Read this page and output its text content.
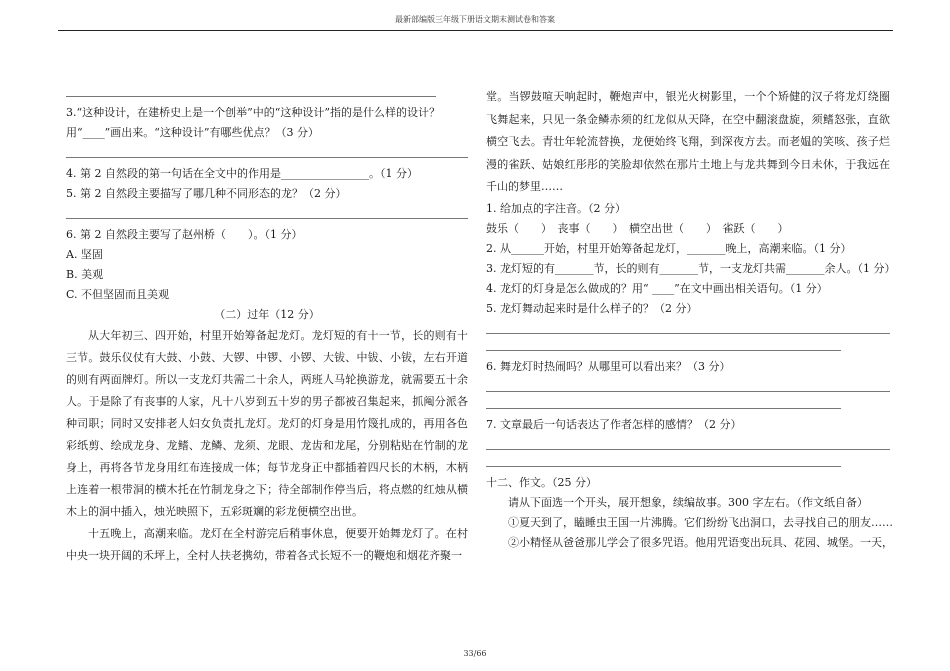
最新部编版三年级下册语文期末测试卷和答案
3.“这种设计，在建桥史上是一个创举”中的“这种设计”指的是什么样的设计？
用“____”画出来。“这种设计”有哪些优点？（3 分）
4. 第 2 自然段的第一句话在全文中的作用是________________。（1 分）
5. 第 2 自然段主要描写了哪几种不同形态的龙？（2 分）
6. 第 2 自然段主要写了赵州桥（　　）。（1 分）
A. 坚固
B. 美观
C. 不但坚固而且美观
（二）过年（12 分）

从大年初三、四开始，村里开始筹备起龙灯。龙灯短的有十一节，长的则有十三节。鼓乐仪仗有大鼓、小鼓、大锣、中锣、小锣、大钹、中钹、小钹，左右开道的则有两面牌灯。所以一支龙灯共需二十余人，两班人马轮换游龙，就需要五十余人。于是除了有丧事的人家，凡十八岁到五十岁的男子都被召集起来，抓阄分派各种司职；同时又安排老人妇女负责扎龙灯。龙灯的灯身是用竹篾扎成的，再用各色彩纸剪、绘成龙身、龙鳍、龙鳞、龙须、龙眼、龙齿和龙尾，分别粘贴在竹制的龙身上，再将各节龙身用红布连接成一体；每节龙身正中都插着四尺长的木柄，木柄上连着一根带洞的横木托在竹制龙身之下；待全部制作停当后，将点燃的红烛从横木上的洞中插入，烛光映照下，五彩斑斓的彩龙便横空出世。

十五晚上，高潮来临。龙灯在全村游完后稍事休息，便要开始舞龙灯了。在村中央一块开阔的禾坪上，全村人扶老携幼，带着各式长短不一的鞭炮和烟花齐聚一

堂。当锣鼓喧天响起时，鞭炮声中，银光火树影里，一个个矫健的汉子将龙灯绕圈飞舞起来，只见一条金鳞赤须的红龙似从天降，在空中翻滚盘旋，须鳍怒张，直欲横空飞去。青壮年轮流替换，龙便始终飞翔，到深夜方去。而老媪的笑咳、孩子烂漫的雀跃、姑娘红彤彤的笑脸却依然在那片土地上与龙共舞到今日未休，于我远在千山的梦里……

1. 给加点的字注音。（2 分）
鼓乐（　　）　丧事（　　）　横空出世（　　）　雀跃（　　）
2. 从______开始，村里开始筹备起龙灯，_______晚上，高潮来临。（1 分）
3. 龙灯短的有_______节，长的则有_______节，一支龙灯共需_______余人。（1 分）
4. 龙灯的灯身是怎么做成的？用“ ____”在文中画出相关语句。（1 分）
5. 龙灯舞动起来时是什么样子的？（2 分）
6. 舞龙灯时热闹吗？从哪里可以看出来？（3 分）
7. 文章最后一句话表达了作者怎样的感情？（2 分）
十二、作文。（25 分）
请从下面选一个开头，展开想象，续编故事。300 字左右。（作文纸自备）
①夏天到了，瞌睡虫王国一片沸腾。它们纷纷飞出洞口，去寻找自己的朋友……
②小精怪从爸爸那儿学会了很多咒语。他用咒语变出玩具、花园、城堡。一天，
33/66
